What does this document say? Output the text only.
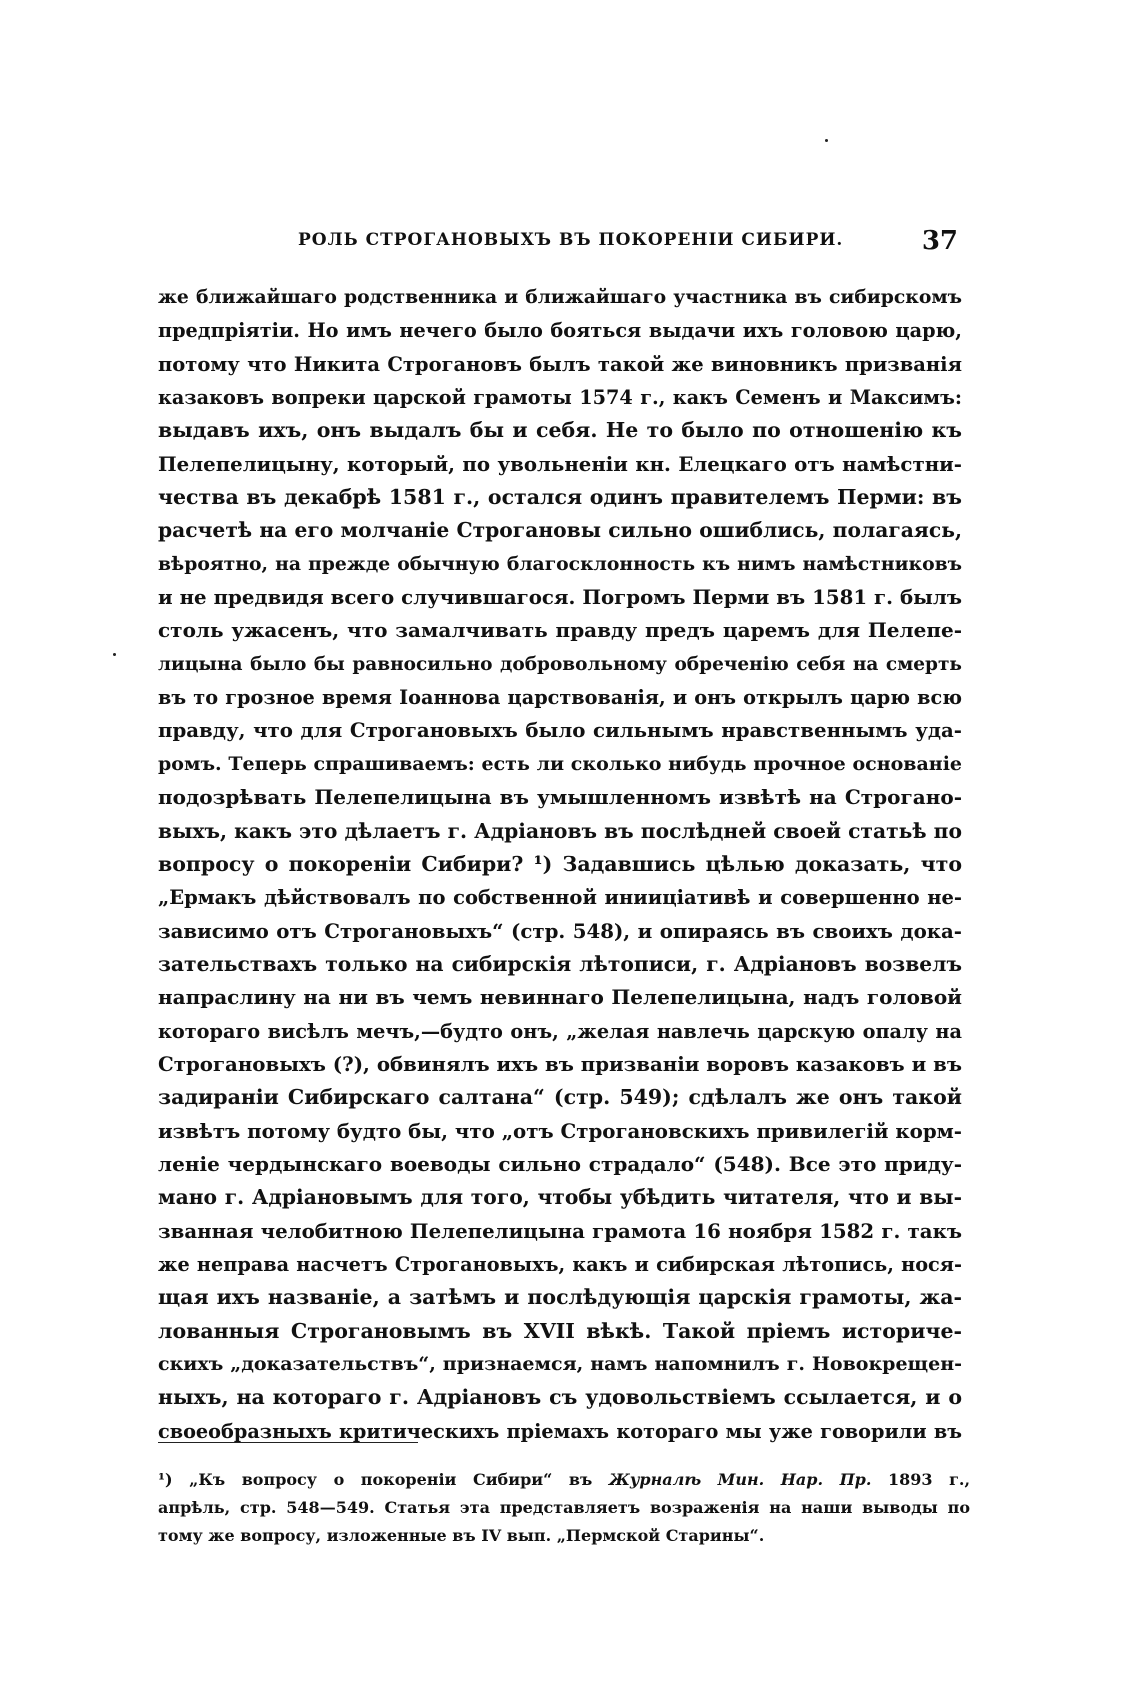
РОЛЬ СТРОГАНОВЫХЪ ВЪ ПОКОРЕНІИ СИБИРИ.	37
же ближайшаго родственника и ближайшаго участника въ сибирскомъ
предпріятіи. Но имъ нечего было бояться выдачи ихъ головою царю,
потому что Никита Строгановъ былъ такой же виновникъ призванія
казаковъ вопреки царской грамоты 1574 г., какъ Семенъ и Максимъ:
выдавъ ихъ, онъ выдалъ бы и себя. Не то было по отношенію къ
Пелепелицыну, который, по увольненіи кн. Елецкаго отъ намѣстни-
чества въ декабрѣ 1581 г., остался одинъ правителемъ Перми: въ
расчетѣ на его молчаніе Строгановы сильно ошиблись, полагаясь,
вѣроятно, на прежде обычную благосклонность къ нимъ намѣстниковъ
и не предвидя всего случившагося. Погромъ Перми въ 1581 г. былъ
столь ужасенъ, что замалчивать правду предъ царемъ для Пелепе-
лицына было бы равносильно добровольному обреченію себя на смерть
въ то грозное время Іоаннова царствованія, и онъ открылъ царю всю
правду, что для Строгановыхъ было сильнымъ нравственнымъ уда-
ромъ. Теперь спрашиваемъ: есть ли сколько нибудь прочное основаніе
подозрѣвать Пелепелицына въ умышленномъ извѣтѣ на Строгано-
выхъ, какъ это дѣлаетъ г. Адріановъ въ послѣдней своей статьѣ по
вопросу о покореніи Сибири? ¹) Задавшись цѣлью доказать, что
„Ермакъ дѣйствовалъ по собственной инииціативѣ и совершенно не-
зависимо отъ Строгановыхъ“ (стр. 548), и опираясь въ своихъ дока-
зательствахъ только на сибирскія лѣтописи, г. Адріановъ возвелъ
напраслину на ни въ чемъ невиннаго Пелепелицына, надъ головой
котораго висѣлъ мечъ,—будто онъ, „желая навлечь царскую опалу на
Строгановыхъ (?), обвинялъ ихъ въ призваніи воровъ казаковъ и въ
задираніи Сибирскаго салтана“ (стр. 549); сдѣлалъ же онъ такой
извѣтъ потому будто бы, что „отъ Строгановскихъ привилегій корм-
леніе чердынскаго воеводы сильно страдало“ (548). Все это приду-
мано г. Адріановымъ для того, чтобы убѣдить читателя, что и вы-
званная челобитною Пелепелицына грамота 16 ноября 1582 г. такъ
же неправа насчетъ Строгановыхъ, какъ и сибирская лѣтопись, нося-
щая ихъ названіе, а затѣмъ и послѣдующія царскія грамоты, жа-
лованныя Строгановымъ въ XVII вѣкѣ. Такой пріемъ историче-
скихъ „доказательствъ“, признаемся, намъ напомнилъ г. Новокрещен-
ныхъ, на котораго г. Адріановъ съ удовольствіемъ ссылается, и о
своеобразныхъ критическихъ пріемахъ котораго мы уже говорили въ
¹) „Къ вопросу о покореніи Сибири“ въ Журналѣ Мин. Нар. Пр. 1893 г.,
апрѣль, стр. 548—549. Статья эта представляетъ возраженія на наши выводы по
тому же вопросу, изложенные въ IV вып. „Пермской Старины“.
